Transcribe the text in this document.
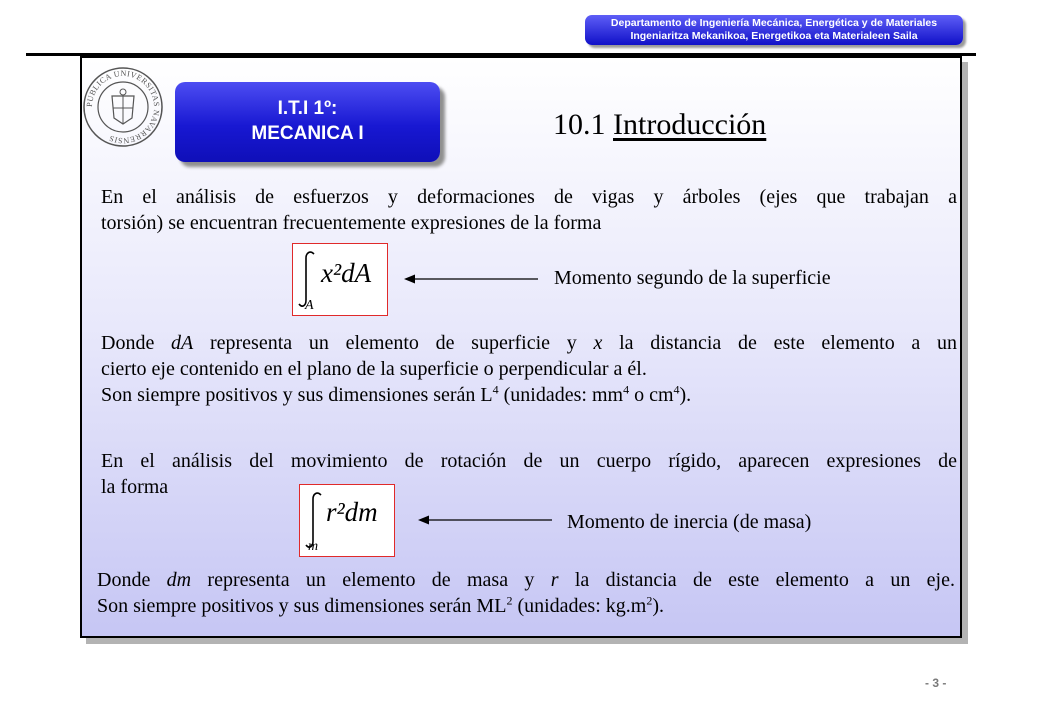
Departamento de Ingeniería Mecánica, Energética y de Materiales
Ingeniaritza Mekanikoa, Energetikoa eta Materialeen Saila
PUBLICA UNIVERSITAS NAVARRENSIS
I.T.I 1º:
MECANICA I	10.1 Introducción
En el análisis de esfuerzos y deformaciones de vigas y árboles (ejes que trabajan a
torsión) se encuentran frecuentemente expresiones de la forma
x²dA
A
Momento segundo de la superficie
Donde dA representa un elemento de superficie y x la distancia de este elemento a un
cierto eje contenido en el plano de la superficie o perpendicular a él.
Son siempre positivos y sus dimensiones serán $L^4$ (unidades: $mm^4$ o $cm^4$).
En el análisis del movimiento de rotación de un cuerpo rígido, aparecen expresiones de
la forma
r²dm
m
Momento de inercia (de masa)
Donde dm representa un elemento de masa y r la distancia de este elemento a un eje.
Son siempre positivos y sus dimensiones serán $ML^2$ (unidades: $kg.m^2$).
- 3 -
